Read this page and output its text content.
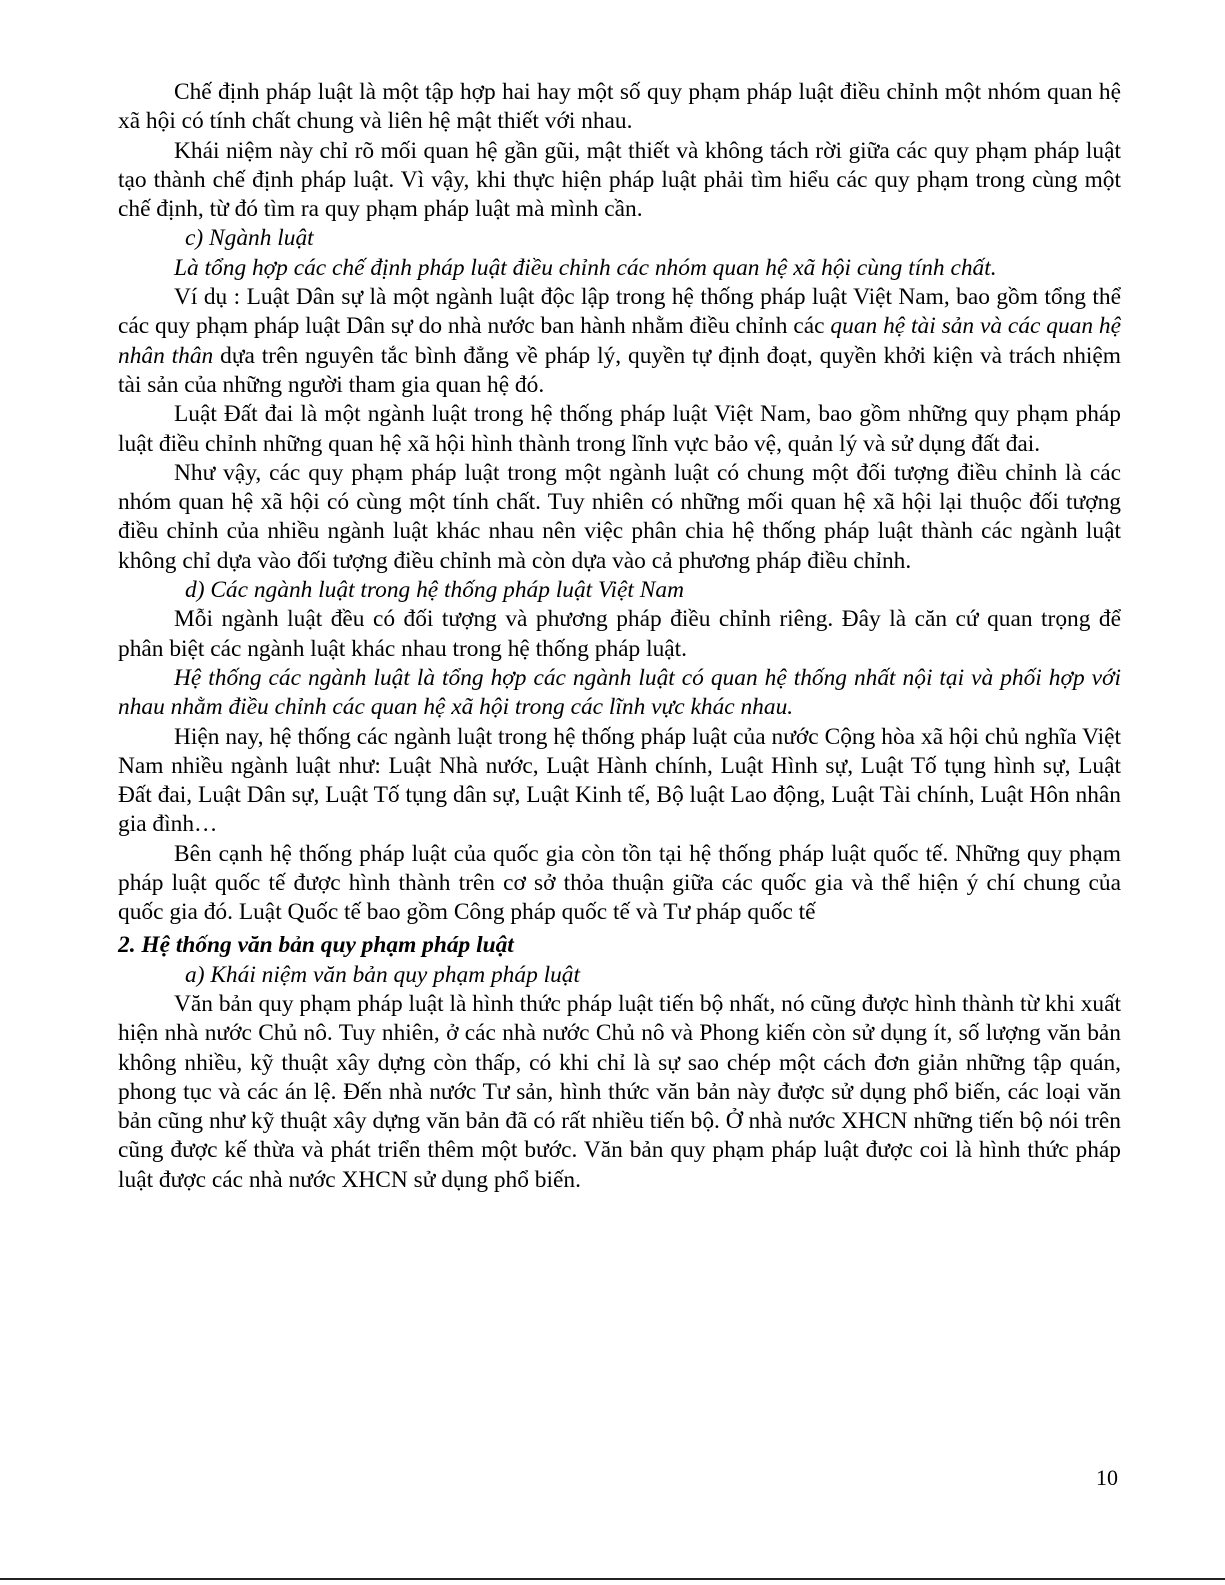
Chế định pháp luật là một tập hợp hai hay một số quy phạm pháp luật điều chỉnh một nhóm quan hệ xã hội có tính chất chung và liên hệ mật thiết với nhau.

Khái niệm này chỉ rõ mối quan hệ gần gũi, mật thiết và không tách rời giữa các quy phạm pháp luật tạo thành chế định pháp luật. Vì vậy, khi thực hiện pháp luật phải tìm hiểu các quy phạm trong cùng một chế định, từ đó tìm ra quy phạm pháp luật mà mình cần.

c) Ngành luật

Là tổng hợp các chế định pháp luật điều chỉnh các nhóm quan hệ xã hội cùng tính chất.

Ví dụ : Luật Dân sự là một ngành luật độc lập trong hệ thống pháp luật Việt Nam, bao gồm tổng thể các quy phạm pháp luật Dân sự do nhà nước ban hành nhằm điều chỉnh các quan hệ tài sản và các quan hệ nhân thân dựa trên nguyên tắc bình đẳng về pháp lý, quyền tự định đoạt, quyền khởi kiện và trách nhiệm tài sản của những người tham gia quan hệ đó.

Luật Đất đai là một ngành luật trong hệ thống pháp luật Việt Nam, bao gồm những quy phạm pháp luật điều chỉnh những quan hệ xã hội hình thành trong lĩnh vực bảo vệ, quản lý và sử dụng đất đai.

Như vậy, các quy phạm pháp luật trong một ngành luật có chung một đối tượng điều chỉnh là các nhóm quan hệ xã hội có cùng một tính chất. Tuy nhiên có những mối quan hệ xã hội lại thuộc đối tượng điều chỉnh của nhiều ngành luật khác nhau nên việc phân chia hệ thống pháp luật thành các ngành luật không chỉ dựa vào đối tượng điều chỉnh mà còn dựa vào cả phương pháp điều chỉnh.

d) Các ngành luật trong hệ thống pháp luật Việt Nam

Mỗi ngành luật đều có đối tượng và phương pháp điều chỉnh riêng. Đây là căn cứ quan trọng để phân biệt các ngành luật khác nhau trong hệ thống pháp luật.

Hệ thống các ngành luật là tổng hợp các ngành luật có quan hệ thống nhất nội tại và phối hợp với nhau nhằm điều chỉnh các quan hệ xã hội trong các lĩnh vực khác nhau.

Hiện nay, hệ thống các ngành luật trong hệ thống pháp luật của nước Cộng hòa xã hội chủ nghĩa Việt Nam nhiều ngành luật như: Luật Nhà nước, Luật Hành chính, Luật Hình sự, Luật Tố tụng hình sự, Luật Đất đai, Luật Dân sự, Luật Tố tụng dân sự, Luật Kinh tế, Bộ luật Lao động, Luật Tài chính, Luật Hôn nhân gia đình…

Bên cạnh hệ thống pháp luật của quốc gia còn tồn tại hệ thống pháp luật quốc tế. Những quy phạm pháp luật quốc tế được hình thành trên cơ sở thỏa thuận giữa các quốc gia và thể hiện ý chí chung của quốc gia đó. Luật Quốc tế bao gồm Công pháp quốc tế và Tư pháp quốc tế

2. Hệ thống văn bản quy phạm pháp luật

a) Khái niệm văn bản quy phạm pháp luật

Văn bản quy phạm pháp luật là hình thức pháp luật tiến bộ nhất, nó cũng được hình thành từ khi xuất hiện nhà nước Chủ nô. Tuy nhiên, ở các nhà nước Chủ nô và Phong kiến còn sử dụng ít, số lượng văn bản không nhiều, kỹ thuật xây dựng còn thấp, có khi chỉ là sự sao chép một cách đơn giản những tập quán, phong tục và các án lệ. Đến nhà nước Tư sản, hình thức văn bản này được sử dụng phổ biến, các loại văn bản cũng như kỹ thuật xây dựng văn bản đã có rất nhiều tiến bộ. Ở nhà nước XHCN những tiến bộ nói trên cũng được kế thừa và phát triển thêm một bước. Văn bản quy phạm pháp luật được coi là hình thức pháp luật được các nhà nước XHCN sử dụng phổ biến.

10
